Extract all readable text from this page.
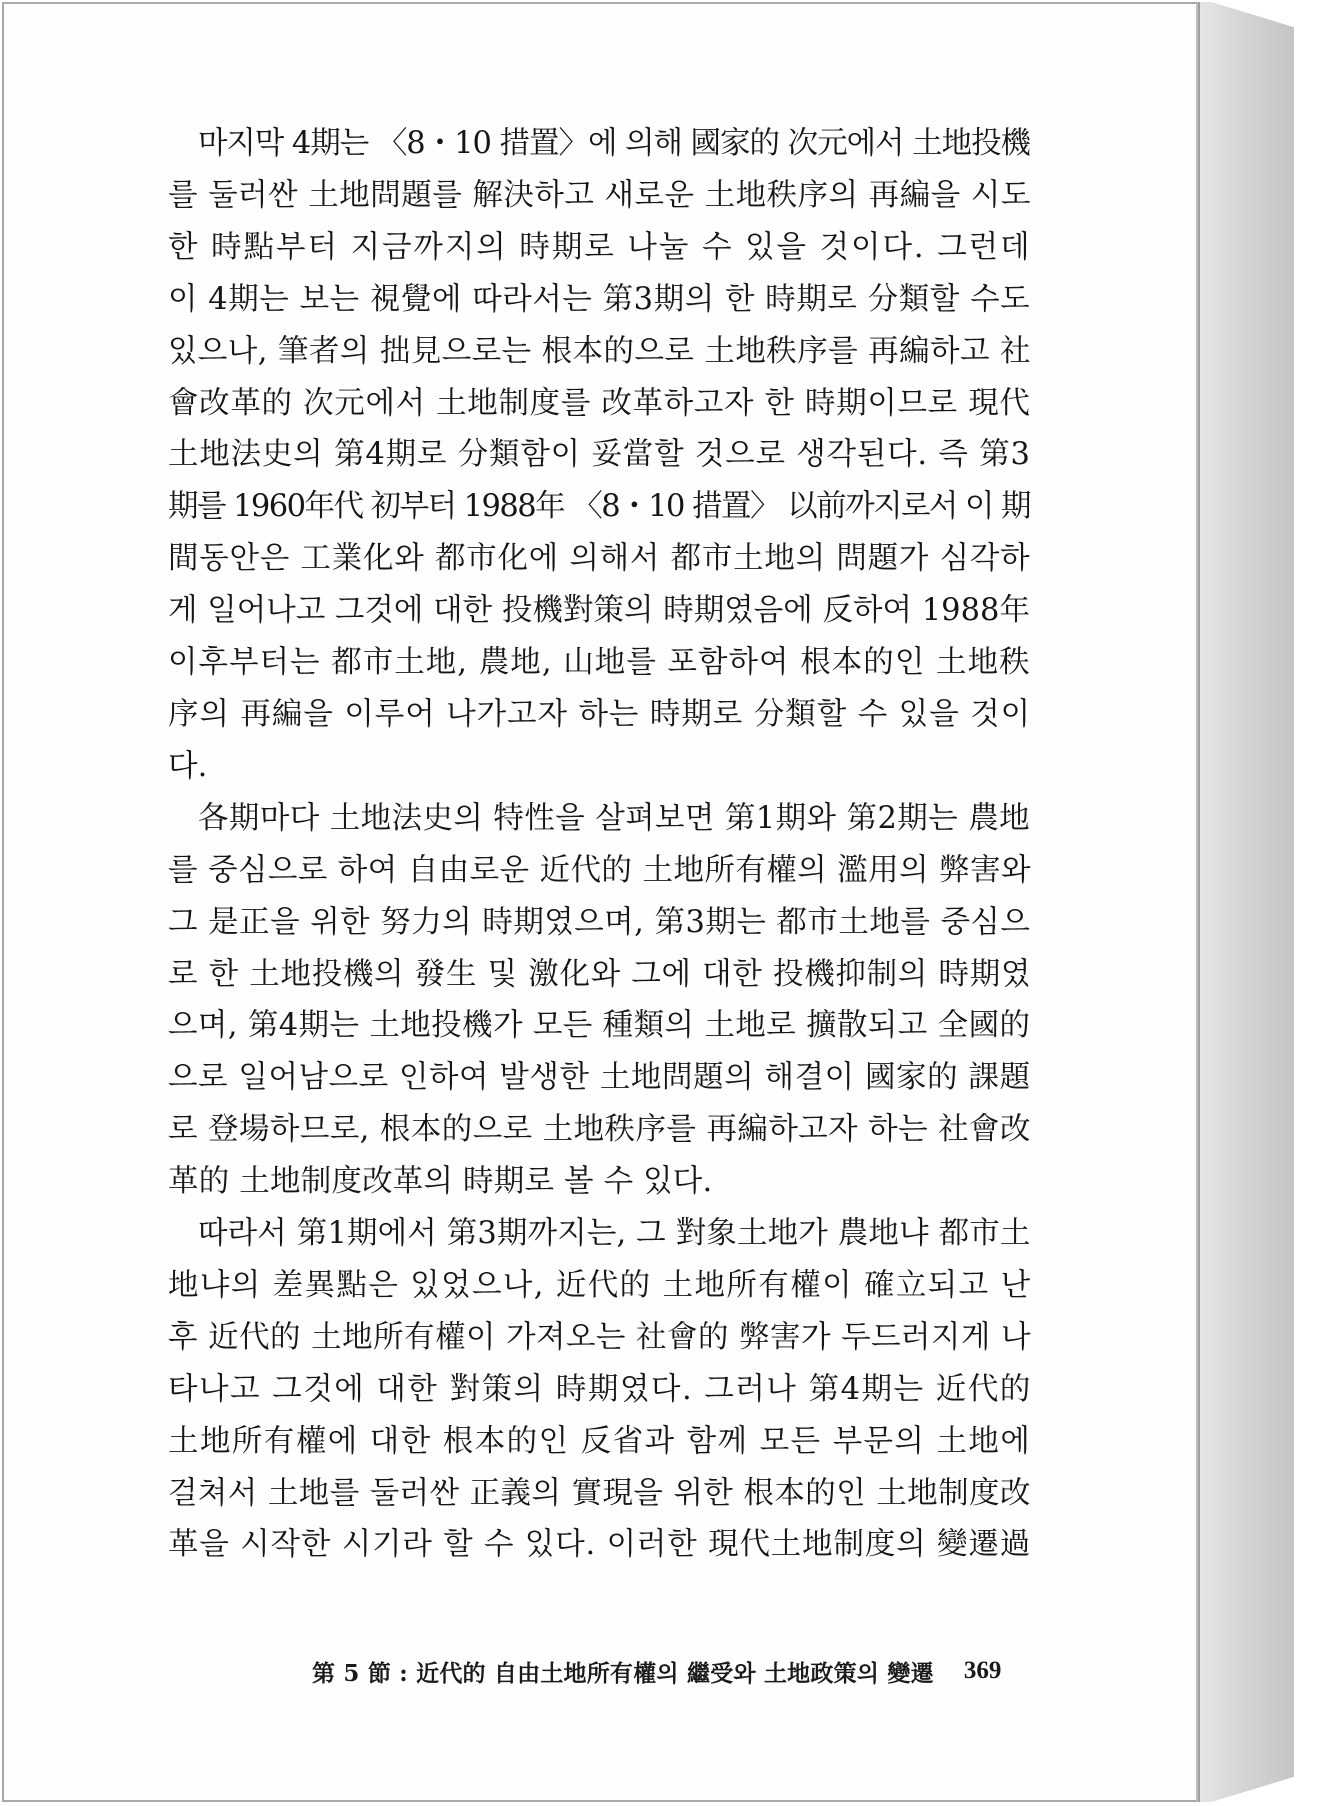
마지막 4期는 〈8・10 措置〉에 의해 國家的 次元에서 土地投機
를 둘러싼 土地問題를 解決하고 새로운 土地秩序의 再編을 시도
한 時點부터 지금까지의 時期로 나눌 수 있을 것이다. 그런데
이 4期는 보는 視覺에 따라서는 第3期의 한 時期로 分類할 수도
있으나, 筆者의 拙見으로는 根本的으로 土地秩序를 再編하고 社
會改革的 次元에서 土地制度를 改革하고자 한 時期이므로 現代
土地法史의 第4期로 分類함이 妥當할 것으로 생각된다. 즉 第3
期를 1960年代 初부터 1988年 〈8・10 措置〉 以前까지로서 이 期
間동안은 工業化와 都市化에 의해서 都市土地의 問題가 심각하
게 일어나고 그것에 대한 投機對策의 時期였음에 反하여 1988年
이후부터는 都市土地, 農地, 山地를 포함하여 根本的인 土地秩
序의 再編을 이루어 나가고자 하는 時期로 分類할 수 있을 것이
다.
各期마다 土地法史의 特性을 살펴보면 第1期와 第2期는 農地
를 중심으로 하여 自由로운 近代的 土地所有權의 濫用의 弊害와
그 是正을 위한 努力의 時期였으며, 第3期는 都市土地를 중심으
로 한 土地投機의 發生 및 激化와 그에 대한 投機抑制의 時期였
으며, 第4期는 土地投機가 모든 種類의 土地로 擴散되고 全國的
으로 일어남으로 인하여 발생한 土地問題의 해결이 國家的 課題
로 登場하므로, 根本的으로 土地秩序를 再編하고자 하는 社會改
革的 土地制度改革의 時期로 볼 수 있다.
따라서 第1期에서 第3期까지는, 그 對象土地가 農地냐 都市土
地냐의 差異點은 있었으나, 近代的 土地所有權이 確立되고 난
후 近代的 土地所有權이 가져오는 社會的 弊害가 두드러지게 나
타나고 그것에 대한 對策의 時期였다. 그러나 第4期는 近代的
土地所有權에 대한 根本的인 反省과 함께 모든 부문의 土地에
걸쳐서 土地를 둘러싼 正義의 實現을 위한 根本的인 土地制度改
革을 시작한 시기라 할 수 있다. 이러한 現代土地制度의 變遷過
第 5 節 : 近代的 自由土地所有權의 繼受와 土地政策의 變遷 369
